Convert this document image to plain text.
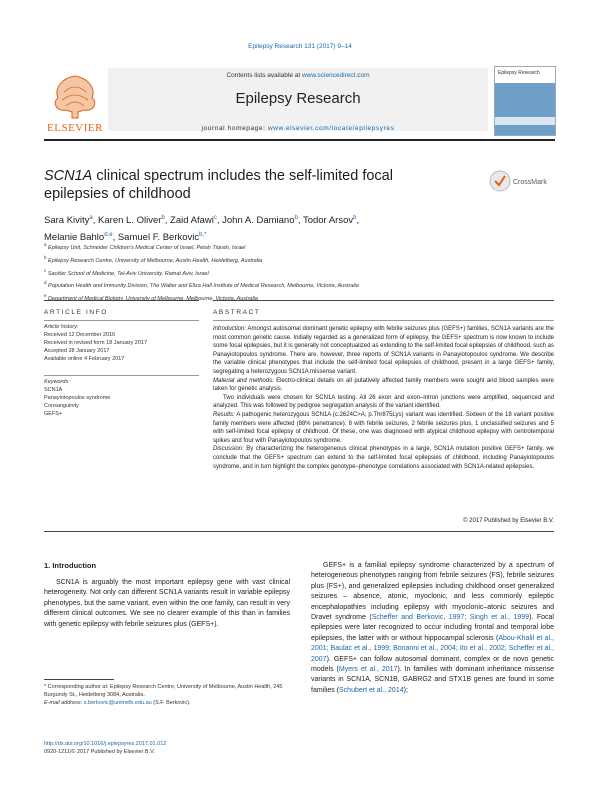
Epilepsy Research 131 (2017) 9–14
Contents lists available at www.sciencedirect.com
Epilepsy Research
journal homepage: www.elsevier.com/locate/epilepsyres
ELSEVIER
Epilepsy Research
SCN1A clinical spectrum includes the self-limited focal epilepsies of childhood
CrossMark
Sara Kivity$^a$, Karen L. Oliver$^b$, Zaid Afawi$^c$, John A. Damiano$^b$, Todor Arsov$^b$,
Melanie Bahlo$^{d,e}$, Samuel F. Berkovic$^{b,*}$
$^a$ Epilepsy Unit, Schneider Children's Medical Center of Israel, Petah Tiqvah, Israel
$^b$ Epilepsy Research Centre, University of Melbourne, Austin Health, Heidelberg, Australia
$^c$ Sackler School of Medicine, Tel-Aviv University, Ramat Aviv, Israel
$^d$ Population Health and Immunity Division, The Walter and Eliza Hall Institute of Medical Research, Melbourne, Victoria, Australia
$^e$ Melbourne,
ARTICLE INFO	ABSTRACT
Article history:
Received 12 December 2016
Received in revised form 18 January 2017
Accepted 28 January 2017
Available online 4 February 2017
Keywords:
SCN1A
Panayiotopoulos syndrome
Consanguinity
GEFS+

Introduction: Amongst autosomal dominant genetic epilepsy with febrile seizures plus (GEFS+) families, SCN1A variants are the most common genetic cause. Initially regarded as a generalized form of epilepsy, the GEFS+ spectrum is now known to include some focal epilepsies, but it is generally not conceptualized as extending to the self-limited focal epilepsies of childhood, such as Panayiotopoulos syndrome. There are, however, three reports of SCN1A variants in Panayiotopoulos syndrome. We describe the variable clinical phenotypes that include the self-limited focal epilepsies of childhood, present in a large GEFS+ family, segregating a heterozygous SCN1A missense variant.

Material and methods: Electro-clinical details on all putatively affected family members were sought and blood samples were taken for genetic analysis.

Two individuals were chosen for SCN1A testing. All 26 exon and exon–intron junctions were amplified, sequenced and analyzed. This was followed by pedigree segregation analysis of the variant identified.

Results: A pathogenic heterozygous SCN1A (c.2624C>A; p.Thr875Lys) variant was identified. Sixteen of the 18 variant positive family members were affected (88% penetrance): 8 with febrile seizures, 2 febrile seizures plus, 1 unclassified seizures and 5 with self-limited focal epilepsy of childhood. Of these, one was diagnosed with atypical childhood epilepsy with centrotemporal spikes and four with Panayiotopoulos syndrome.

Discussion: By characterizing the heterogeneous clinical phenotypes in a large, SCN1A mutation positive GEFS+ family, we conclude that the GEFS+ spectrum can extend to the self-limited focal epilepsies of childhood, including Panayiotopoulos syndrome, and in turn highlight the complex genotype–phenotype correlations associated with SCN1A-related epilepsies.

© 2017 Published by Elsevier B.V.
1. Introduction

SCN1A is arguably the most important epilepsy gene with vast clinical heterogeneity. Not only can different SCN1A variants result in variable epilepsy phenotypes, but the same variant, even within the one family, can result in very different clinical outcomes. We see no clearer example of this than in families with genetic epilepsy with febrile seizures plus (GEFS+).

GEFS+ is a familial epilepsy syndrome characterized by a spectrum of heterogeneous phenotypes ranging from febrile seizures (FS), febrile seizures plus (FS+), and generalized epilepsies including childhood onset generalized seizures – absence, atonic, myoclonic, and less commonly epileptic encephalopathies including epilepsy with myoclonic–atonic seizures and Dravet syndrome (Scheffer and Berkovic, 1997; Singh et al., 1999). Focal epilepsies were later recognized to occur including frontal and temporal lobe epilepsies, the latter with or without hippocampal sclerosis (Abou-Khalil et al., 2001; Baulac et al., 1999; Bonanni et al., 2004; Ito et al., 2002; Scheffer et al., 2007). GEFS+ can follow autosomal dominant, complex or de novo genetic models (Myers et al., 2017). In families with dominant inheritance missense variants in SCN1A, SCN1B, GABRG2 and STX1B genes are found in some families (Schubert et al., 2014);

* Corresponding author at: Epilepsy Research Centre, University of Melbourne, Austin Health, 245 Burgundy St., Heidelberg 3084, Australia.
E-mail address: s.berkovic@unimelb.edu.au (S.F. Berkovic).
http://dx.doi.org/10.1016/j.eplepsyres.2017.01.012
0920-1211/© 2017 Published by Elsevier B.V.
